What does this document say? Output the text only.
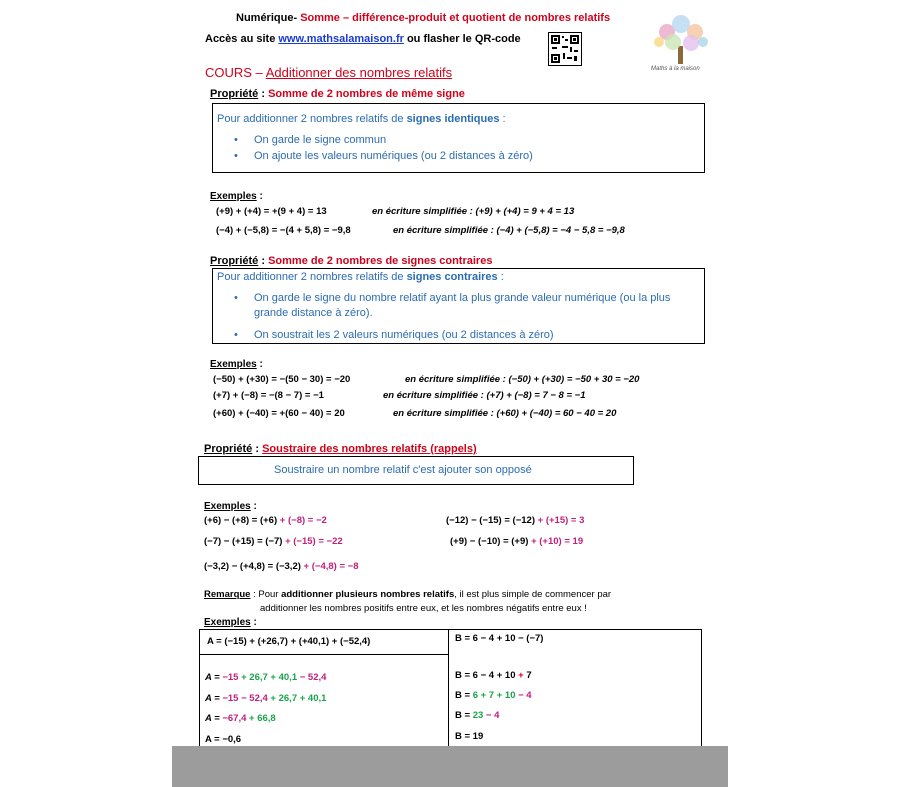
Numérique- Somme – différence-produit et quotient de nombres relatifs
Accès au site www.mathsalamaison.fr ou flasher le QR-code
Maths à la maison
COURS – Additionner des nombres relatifs
Propriété : Somme de 2 nombres de même signe
Pour additionner 2 nombres relatifs de signes identiques :
• On garde le signe commun
• On ajoute les valeurs numériques (ou 2 distances à zéro)
Exemples :
(+9) + (+4) = +(9 + 4) = 13	en écriture simplifiée : (+9) + (+4) = 9 + 4 = 13
(−4) + (−5,8) = −(4 + 5,8) = −9,8	en écriture simplifiée : (−4) + (−5,8) = −4 − 5,8 = −9,8
Propriété : Somme de 2 nombres de signes contraires
Pour additionner 2 nombres relatifs de signes contraires :
• On garde le signe du nombre relatif ayant la plus grande valeur numérique (ou la plus
grande distance à zéro).
• On soustrait les 2 valeurs numériques (ou 2 distances à zéro)
Exemples :
(−50) + (+30) = −(50 − 30) = −20	en écriture simplifiée : (−50) + (+30) = −50 + 30 = −20
(+7) + (−8) = −(8 − 7) = −1	en écriture simplifiée : (+7) + (−8) = 7 − 8 = −1
(+60) + (−40) = +(60 − 40) = 20	en écriture simplifiée : (+60) + (−40) = 60 − 40 = 20
Propriété : Soustraire des nombres relatifs (rappels)
Soustraire un nombre relatif c'est ajouter son opposé
Exemples :
(+6) − (+8) = (+6) + (−8) = −2
(−7) − (+15) = (−7) + (−15) = −22
(−3,2) − (+4,8) = (−3,2) + (−4,8) = −8
(−12) − (−15) = (−12) + (+15) = 3
(+9) − (−10) = (+9) + (+10) = 19
Remarque : Pour additionner plusieurs nombres relatifs, il est plus simple de commencer par
additionner les nombres positifs entre eux, et les nombres négatifs entre eux !
Exemples :
A = (−15) + (+26,7) + (+40,1) + (−52,4)
A = −15 + 26,7 + 40,1 − 52,4
A = −15 − 52,4 + 26,7 + 40,1
A = −67,4 + 66,8
A = −0,6
B = 6 − 4 + 10 − (−7)
B = 6 − 4 + 10 + 7
B = 6 + 7 + 10 − 4
B = 23 − 4
B = 19
